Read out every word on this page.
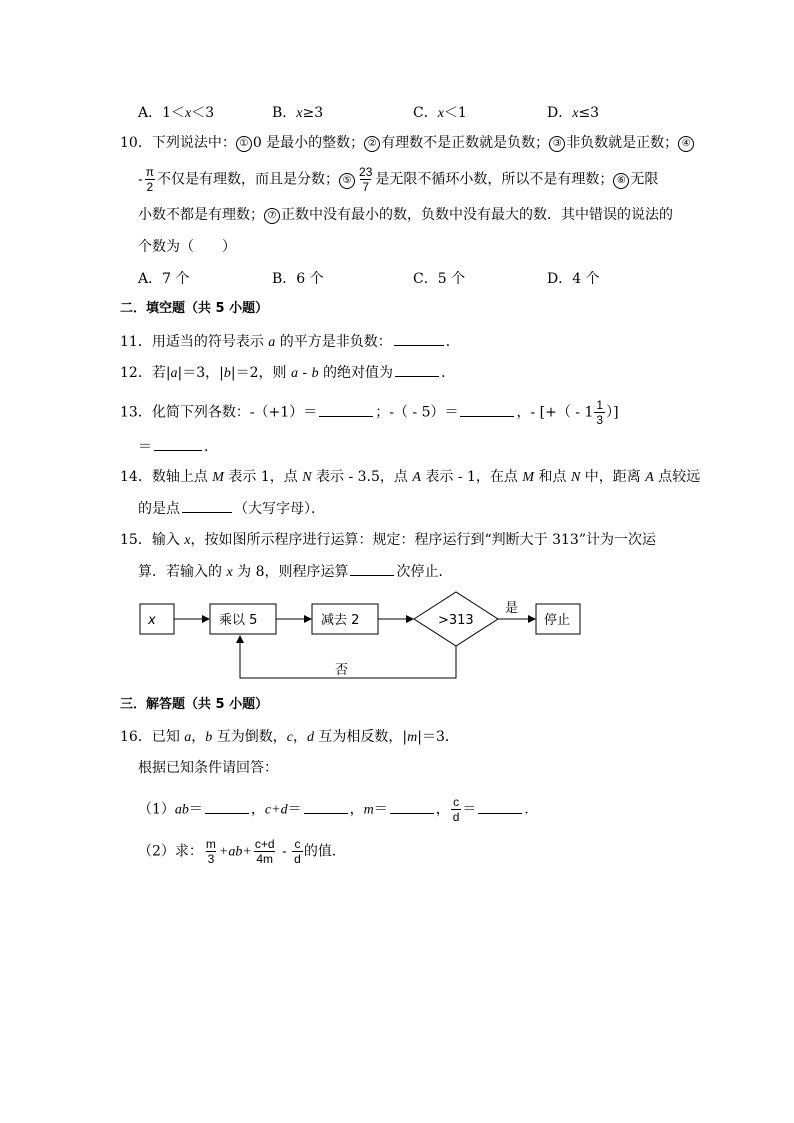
A．1＜x＜3	B．x≥3	C．x＜1	D．x≤3
10．下列说法中： ① 0 是最小的整数； ② 有理数不是正数就是负数； ③ 非负数就是正数； ④
- $\frac{\pi}{2}$ 不仅是有理数，而且是分数； ⑤ $\frac{23}{7}$ 是无限不循环小数，所以不是有理数； ⑥ 无限
小数不都是有理数； ⑦ 正数中没有最小的数，负数中没有最大的数．其中错误的说法的
个数为（　　）
A．7 个	B．6 个	C．5 个	D．4 个
二．填空题（共 5 小题）
11．用适当的符号表示 a 的平方是非负数：	．
12．若|a|＝3，|b|＝2，则 a - b 的绝对值为	．
13．化简下列各数：-（+1）＝	；-（ - 5）＝	，- [+（ - $1 \frac{1}{3}$ ）]
＝	．
14．数轴上点 M 表示 1，点 N 表示 - 3.5，点 A 表示 - 1，在点 M 和点 N 中，距离 A 点较远
的是点	（大写字母）．
15．输入 x，按如图所示程序进行运算：规定：程序运行到“判断大于 313”计为一次运
算．若输入的 x 为 8，则程序运算	次停止．
x	乘以 5	减去 2	>313
是
停止
否
三．解答题（共 5 小题）
16．已知 a，b 互为倒数，c，d 互为相反数，|m|＝3．
根据已知条件请回答：
（1）ab＝	，c+d＝	，m＝	， $\frac{c}{d}$ ＝	．
（2）求： $\frac{m}{3} +ab+ \frac{c+d}{4m} - \frac{c}{d}$ 的值．
